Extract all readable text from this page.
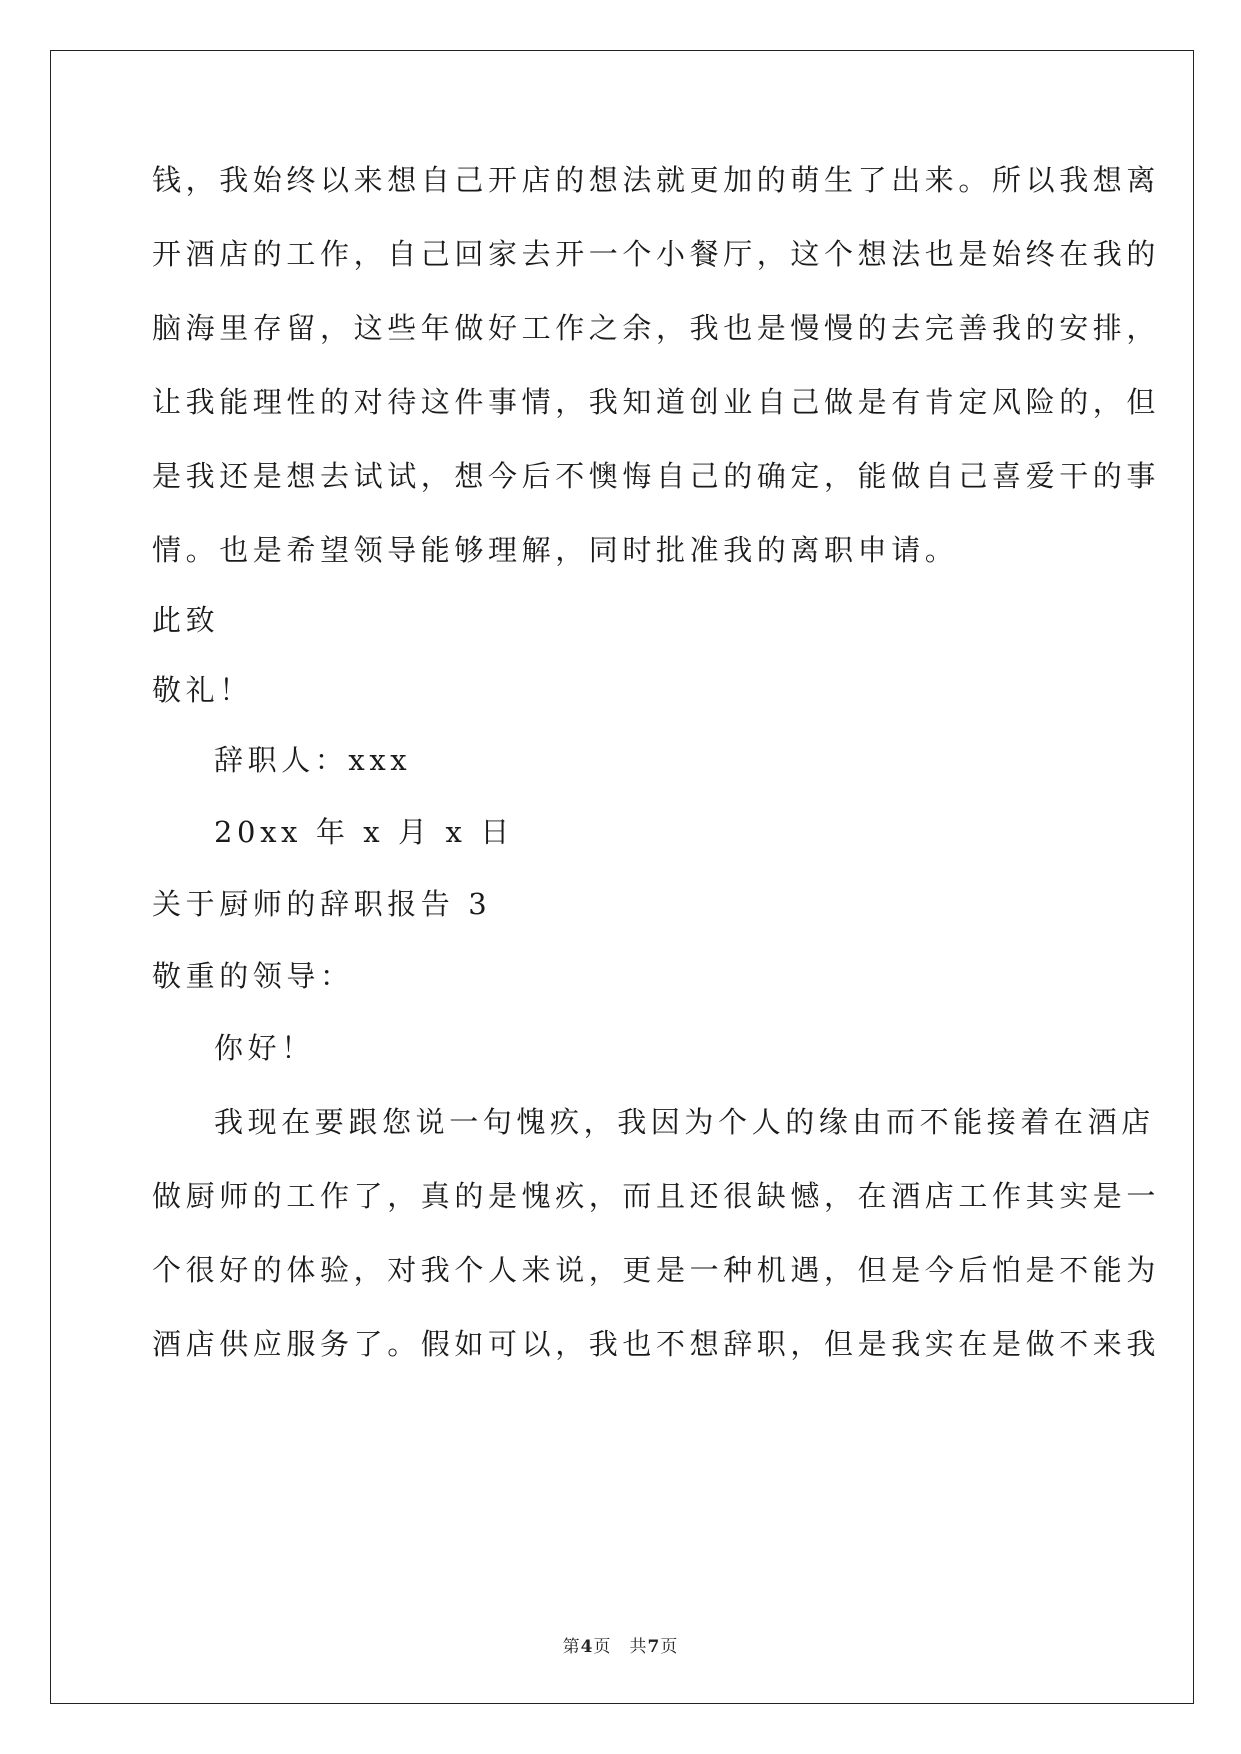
钱，我始终以来想自己开店的想法就更加的萌生了出来。所以我想离
开酒店的工作，自己回家去开一个小餐厅，这个想法也是始终在我的
脑海里存留，这些年做好工作之余，我也是慢慢的去完善我的安排，
让我能理性的对待这件事情，我知道创业自己做是有肯定风险的，但
是我还是想去试试，想今后不懊悔自己的确定，能做自己喜爱干的事
情。也是希望领导能够理解，同时批准我的离职申请。
此致
敬礼！
辞职人：xxx
20xx 年 x 月 x 日
关于厨师的辞职报告 3
敬重的领导：
你好！
我现在要跟您说一句愧疚，我因为个人的缘由而不能接着在酒店
做厨师的工作了，真的是愧疚，而且还很缺憾，在酒店工作其实是一
个很好的体验，对我个人来说，更是一种机遇，但是今后怕是不能为
酒店供应服务了。假如可以，我也不想辞职，但是我实在是做不来我
第4页 共7页
